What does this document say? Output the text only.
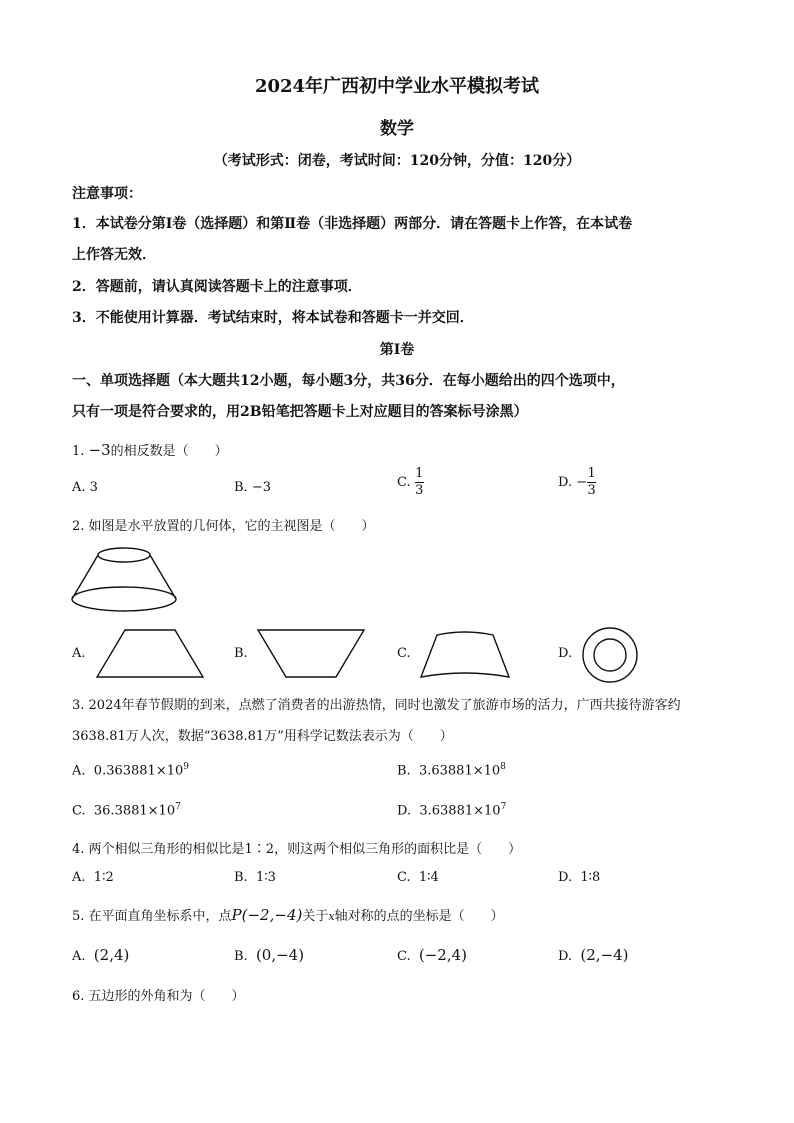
2024年广西初中学业水平模拟考试
数学
（考试形式：闭卷，考试时间：120分钟，分值：120分）
注意事项：
1．本试卷分第Ⅰ卷（选择题）和第Ⅱ卷（非选择题）两部分．请在答题卡上作答，在本试卷
上作答无效．
2．答题前，请认真阅读答题卡上的注意事项．
3．不能使用计算器．考试结束时，将本试卷和答题卡一并交回．
第Ⅰ卷
一、单项选择题（本大题共12小题，每小题3分，共36分．在每小题给出的四个选项中，
只有一项是符合要求的，用2B铅笔把答题卡上对应题目的答案标号涂黑）
1. −3的相反数是（　　）
A. 3	B. −3	C. $\frac{1}{3}$	D. − $\frac{1}{3}$
2. 如图是水平放置的几何体，它的主视图是（　　）
A.	B.	C.	D.
3. 2024年春节假期的到来，点燃了消费者的出游热情，同时也激发了旅游市场的活力，广西共接待游客约
3638.81万人次，数据“3638.81万”用科学记数法表示为（　　）
A. $0.363881\times 10^9$	B. $3.63881\times 10^8$
C. $36.3881\times 10^7$	D. $3.63881\times 10^7$
4. 两个相似三角形的相似比是1∶2，则这两个相似三角形的面积比是（　　）
A. 1∶2	B. 1∶3	C. 1∶4	D. 1∶8
5. 在平面直角坐标系中，点P(−2,−4)关于x轴对称的点的坐标是（　　）
A. (2,4)	B. (0,−4)	C. (−2,4)	D. (2,−4)
6. 五边形的外角和为（　　）
